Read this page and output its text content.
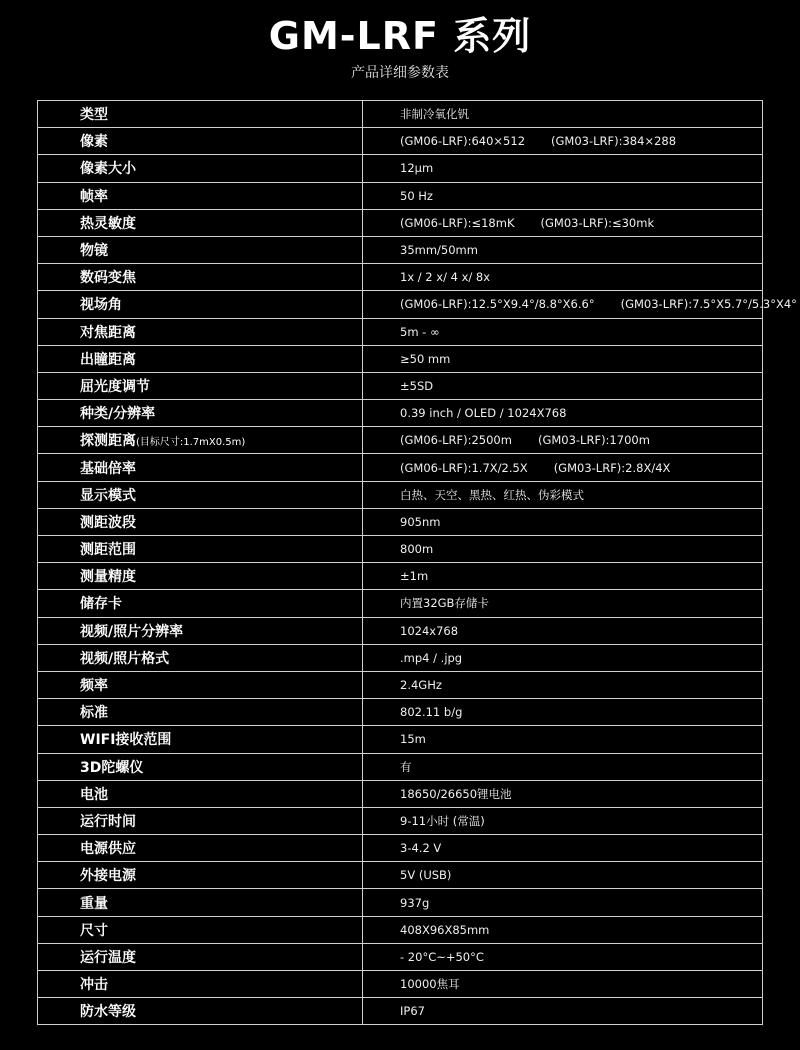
GM-LRF 系列
产品详细参数表
类型	非制冷氧化钒
像素	(GM06-LRF):640×512 (GM03-LRF):384×288
像素大小	12μm
帧率	50 Hz
热灵敏度	(GM06-LRF):≤18mK (GM03-LRF):≤30mk
物镜	35mm/50mm
数码变焦	1x / 2 x/ 4 x/ 8x
视场角	(GM06-LRF):12.5°X9.4°/8.8°X6.6° (GM03-LRF):7.5°X5.7°/5.3°X4°
对焦距离	5m - ∞
出瞳距离	≥50 mm
屈光度调节	±5SD
种类/分辨率	0.39 inch / OLED / 1024X768
探测距离(目标尺寸:1.7mX0.5m)	(GM06-LRF):2500m (GM03-LRF):1700m
基础倍率	(GM06-LRF):1.7X/2.5X (GM03-LRF):2.8X/4X
显示模式	白热、天空、黑热、红热、伪彩模式
测距波段	905nm
测距范围	800m
测量精度	±1m
储存卡	内置32GB存储卡
视频/照片分辨率	1024x768
视频/照片格式	.mp4 / .jpg
频率	2.4GHz
标准	802.11 b/g
WIFI接收范围	15m
3D陀螺仪	有
电池	18650/26650锂电池
运行时间	9-11小时 (常温)
电源供应	3-4.2 V
外接电源	5V (USB)
重量	937g
尺寸	408X96X85mm
运行温度	- 20°C~+50°C
冲击	10000焦耳
防水等级	IP67
